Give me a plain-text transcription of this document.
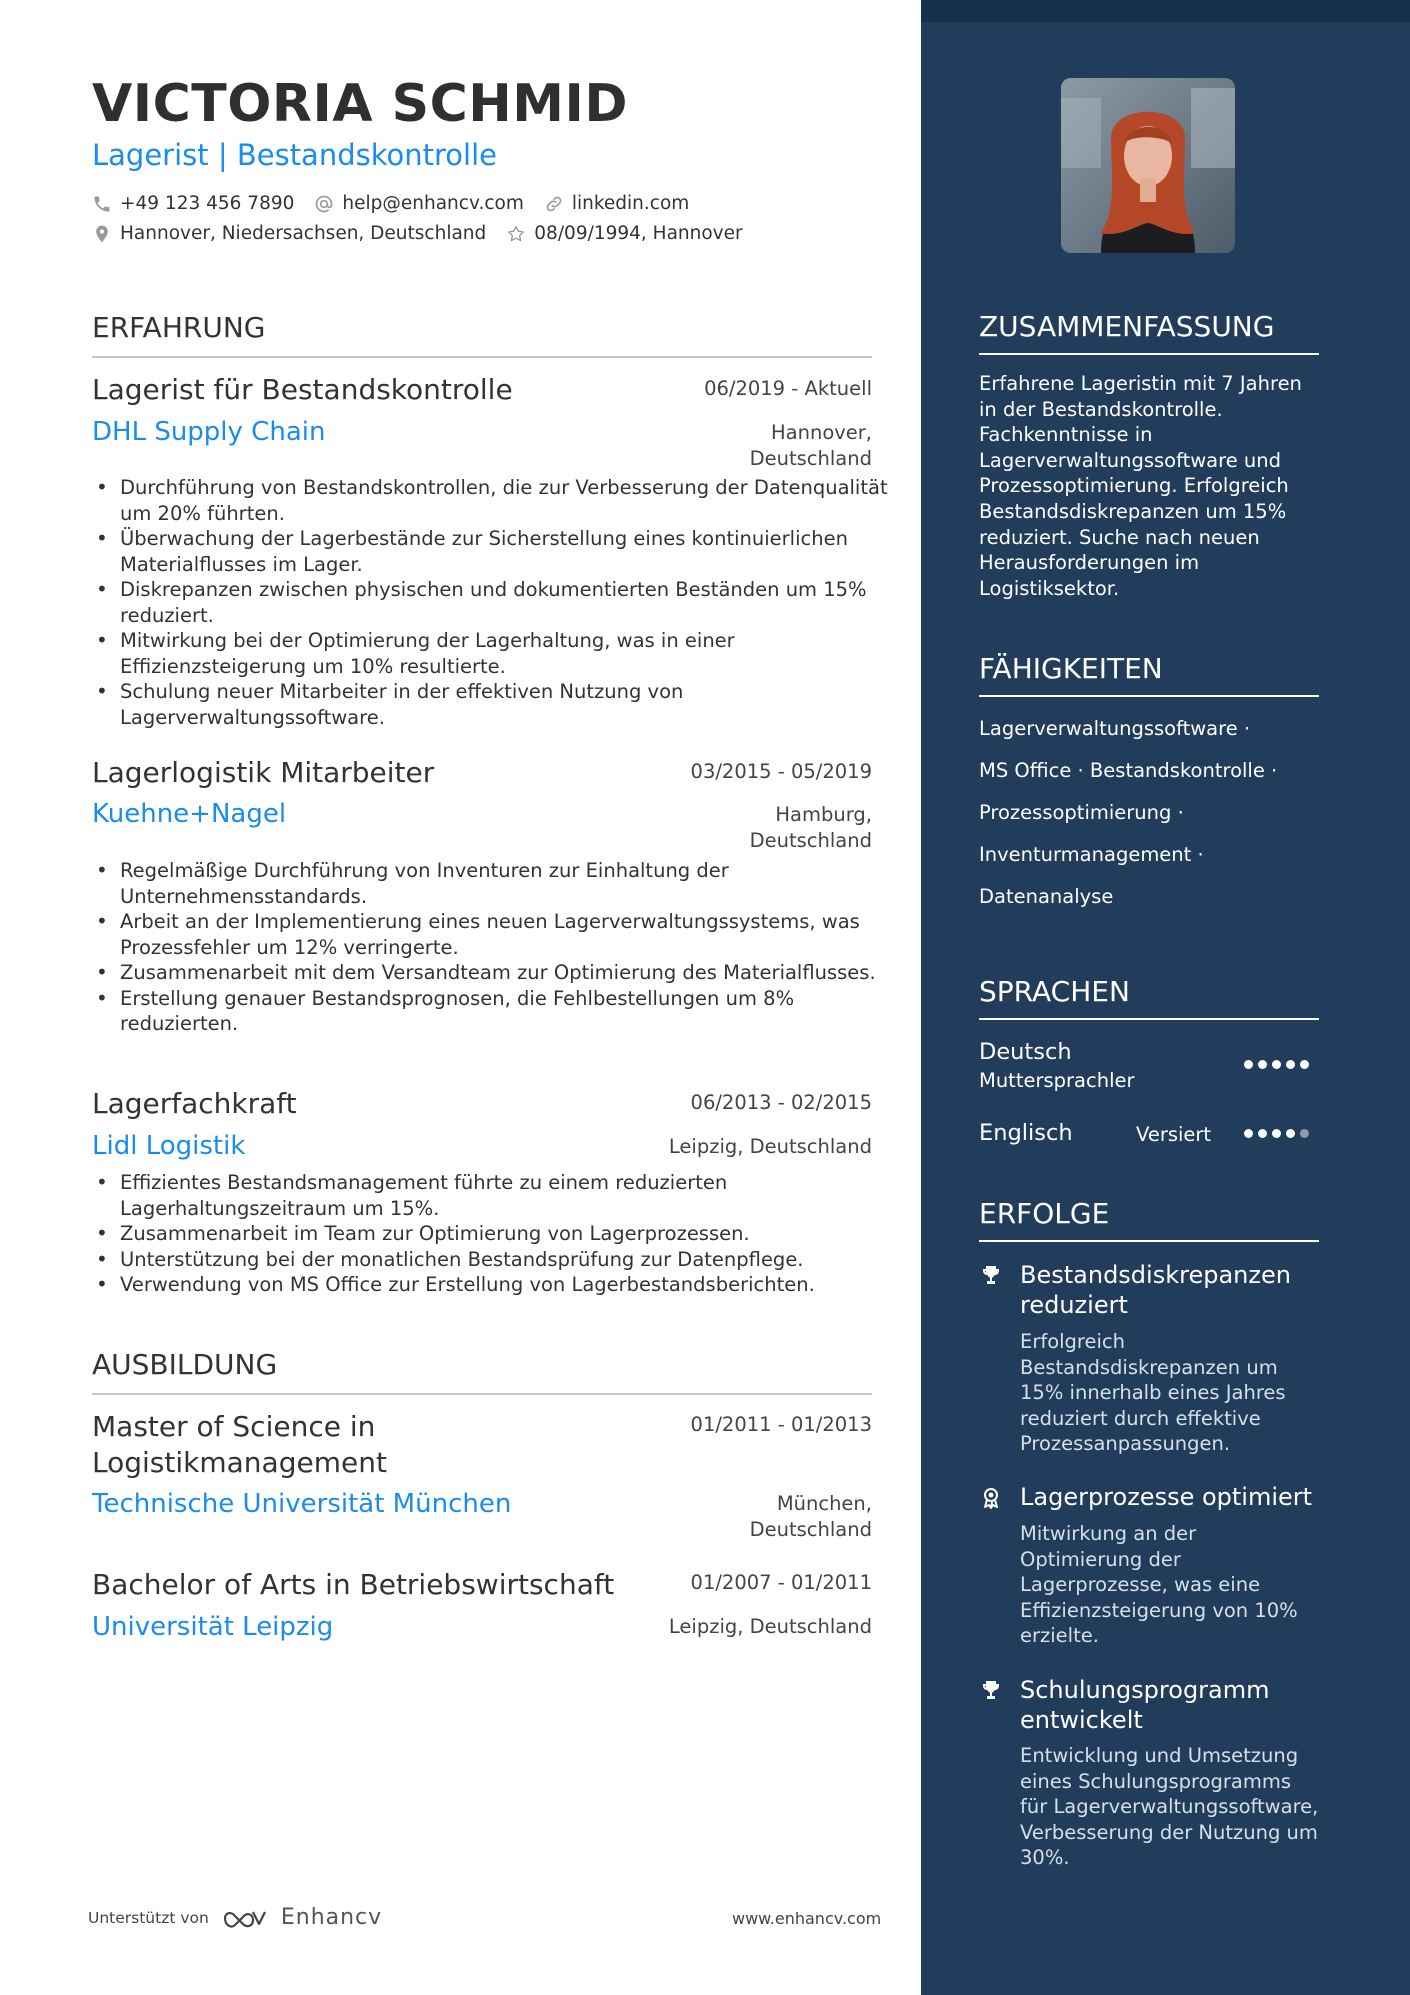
VICTORIA SCHMID
Lagerist | Bestandskontrolle
+49 123 456 7890	help@enhancv.com	linkedin.com
Hannover, Niedersachsen, Deutschland	08/09/1994, Hannover
ERFAHRUNG
Lagerist für Bestandskontrolle	06/2019 - Aktuell
DHL Supply Chain	Hannover,
Deutschland
• Durchführung von Bestandskontrollen, die zur Verbesserung der Datenqualität um 20% führten.
• Überwachung der Lagerbestände zur Sicherstellung eines kontinuierlichen Materialflusses im Lager.
• Diskrepanzen zwischen physischen und dokumentierten Beständen um 15% reduziert.
• Mitwirkung bei der Optimierung der Lagerhaltung, was in einer Effizienzsteigerung um 10% resultierte.
• Schulung neuer Mitarbeiter in der effektiven Nutzung von Lagerverwaltungssoftware.
Lagerlogistik Mitarbeiter	03/2015 - 05/2019
Kuehne+Nagel	Hamburg,
Deutschland
• Regelmäßige Durchführung von Inventuren zur Einhaltung der Unternehmensstandards.
• Arbeit an der Implementierung eines neuen Lagerverwaltungssystems, was Prozessfehler um 12% verringerte.
• Zusammenarbeit mit dem Versandteam zur Optimierung des Materialflusses.
• Erstellung genauer Bestandsprognosen, die Fehlbestellungen um 8% reduzierten.
Lagerfachkraft	06/2013 - 02/2015
Lidl Logistik	Leipzig, Deutschland
• Effizientes Bestandsmanagement führte zu einem reduzierten Lagerhaltungszeitraum um 15%.
• Zusammenarbeit im Team zur Optimierung von Lagerprozessen.
• Unterstützung bei der monatlichen Bestandsprüfung zur Datenpflege.
• Verwendung von MS Office zur Erstellung von Lagerbestandsberichten.
AUSBILDUNG
Master of Science in
Logistikmanagement
01/2011 - 01/2013
Technische Universität München	München,
Deutschland
Bachelor of Arts in Betriebswirtschaft	01/2007 - 01/2011
Universität Leipzig	Leipzig, Deutschland
Unterstützt von	Enhancv	www.enhancv.com
ZUSAMMENFASSUNG
Erfahrene Lageristin mit 7 Jahren in der Bestandskontrolle. Fachkenntnisse in Lagerverwaltungssoftware und Prozessoptimierung. Erfolgreich Bestandsdiskrepanzen um 15% reduziert. Suche nach neuen Herausforderungen im Logistiksektor.
FÄHIGKEITEN
Lagerverwaltungssoftware ·
MS Office · Bestandskontrolle ·
Prozessoptimierung ·
Inventurmanagement ·
Datenanalyse
SPRACHEN
Deutsch
Muttersprachler
Englisch	Versiert
ERFOLGE
Bestandsdiskrepanzen reduziert
Erfolgreich Bestandsdiskrepanzen um 15% innerhalb eines Jahres reduziert durch effektive Prozessanpassungen.
Lagerprozesse optimiert
Mitwirkung an der Optimierung der Lagerprozesse, was eine Effizienzsteigerung von 10% erzielte.
Schulungsprogramm entwickelt
Entwicklung und Umsetzung eines Schulungsprogramms für Lagerverwaltungssoftware, Verbesserung der Nutzung um 30%.
